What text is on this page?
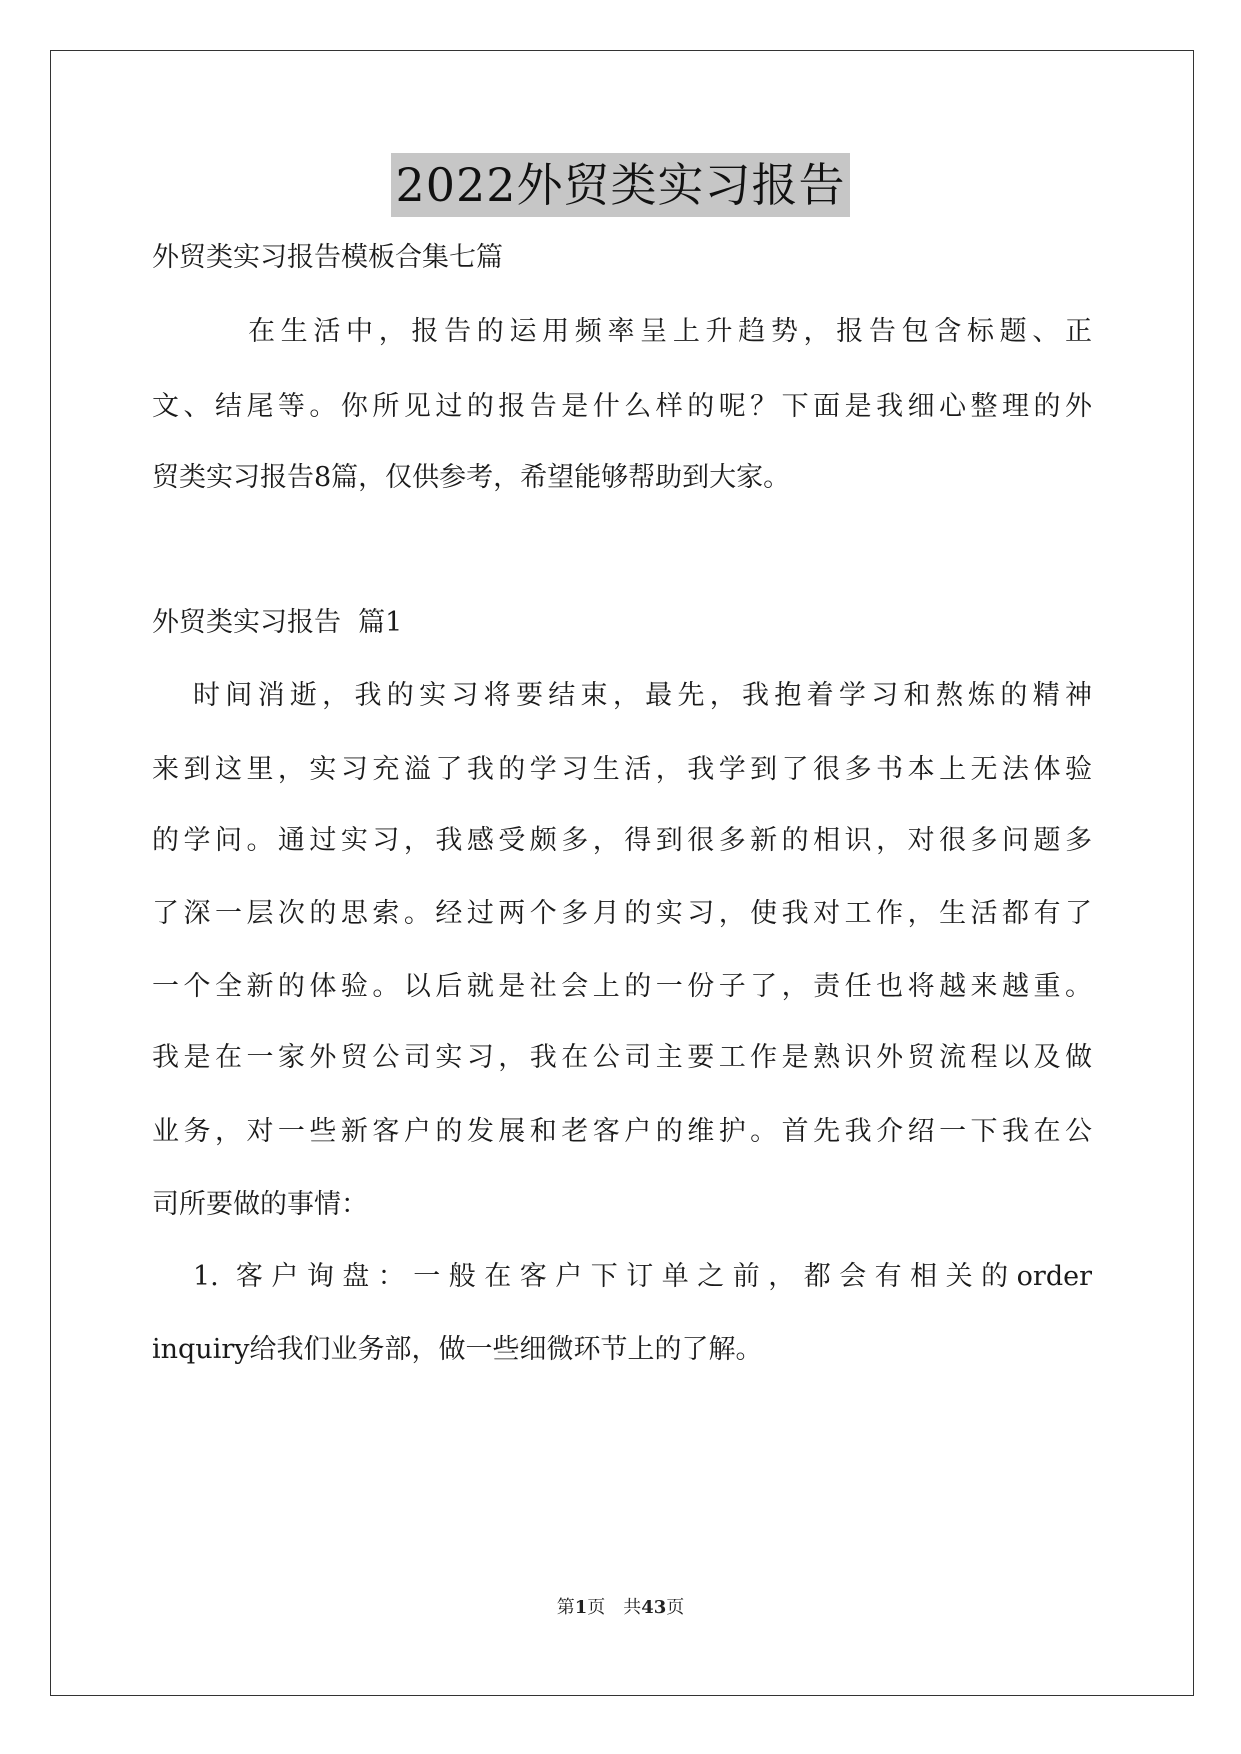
2022外贸类实习报告
外贸类实习报告模板合集七篇
在生活中，报告的运用频率呈上升趋势，报告包含标题、正
文、结尾等。你所见过的报告是什么样的呢？下面是我细心整理的外
贸类实习报告8篇，仅供参考，希望能够帮助到大家。
外贸类实习报告  篇1
时间消逝，我的实习将要结束，最先，我抱着学习和熬炼的精神
来到这里，实习充溢了我的学习生活，我学到了很多书本上无法体验
的学问。通过实习，我感受颇多，得到很多新的相识，对很多问题多
了深一层次的思索。经过两个多月的实习，使我对工作，生活都有了
一个全新的体验。以后就是社会上的一份子了，责任也将越来越重。
我是在一家外贸公司实习，我在公司主要工作是熟识外贸流程以及做
业务，对一些新客户的发展和老客户的维护。首先我介绍一下我在公
司所要做的事情：
1. 客户询盘：一般在客户下订单之前，都会有相关的order
inquiry给我们业务部，做一些细微环节上的了解。
第1页 共43页
